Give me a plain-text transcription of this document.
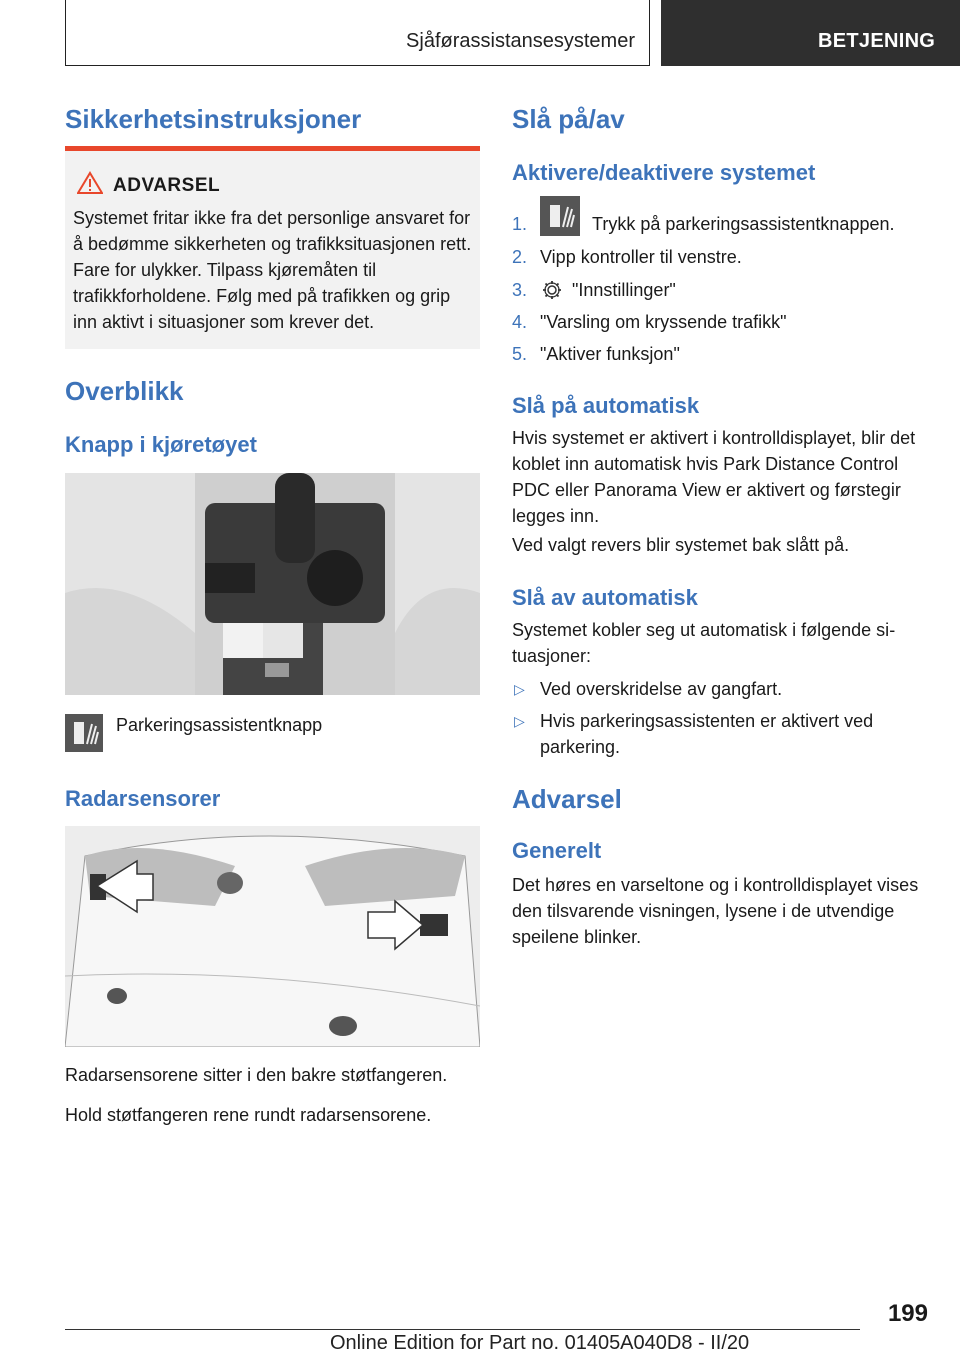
Sjåførassistansesystemer	BETJENING
Sikkerhetsinstruksjoner
ADVARSEL
Systemet fritar ikke fra det personlige ansvaret for å bedømme sikkerheten og trafikksituasjonen rett. Fare for ulykker. Tilpass kjøremåten til trafikkforholdene. Følg med på trafikken og grip inn aktivt i situasjoner som krever det.
Overblikk
Knapp i kjøretøyet
Parkeringsassistentknapp
Radarsensorer
Radarsensorene sitter i den bakre støtfangeren.
Hold støtfangeren rene rundt radarsensorene.
Slå på/av
Aktivere/deaktivere systemet
1.	Trykk på parkeringsassistentknappen.
2. Vipp kontroller til venstre.
3. "Innstillinger"
4. "Varsling om kryssende trafikk"
5. "Aktiver funksjon"
Slå på automatisk
Hvis systemet er aktivert i kontrolldisplayet, blir det koblet inn automatisk hvis Park Distance Control PDC eller Panorama View er aktivert og førstegir legges inn.
Ved valgt revers blir systemet bak slått på.
Slå av automatisk
Systemet kobler seg ut automatisk i følgende situasjoner:
▷ Ved overskridelse av gangfart.
▷ Hvis parkeringsassistenten er aktivert ved parkering.
Advarsel
Generelt
Det høres en varseltone og i kontrolldisplayet vises den tilsvarende visningen, lysene i de utvendige speilene blinker.
199
Online Edition for Part no. 01405A040D8 - II/20
